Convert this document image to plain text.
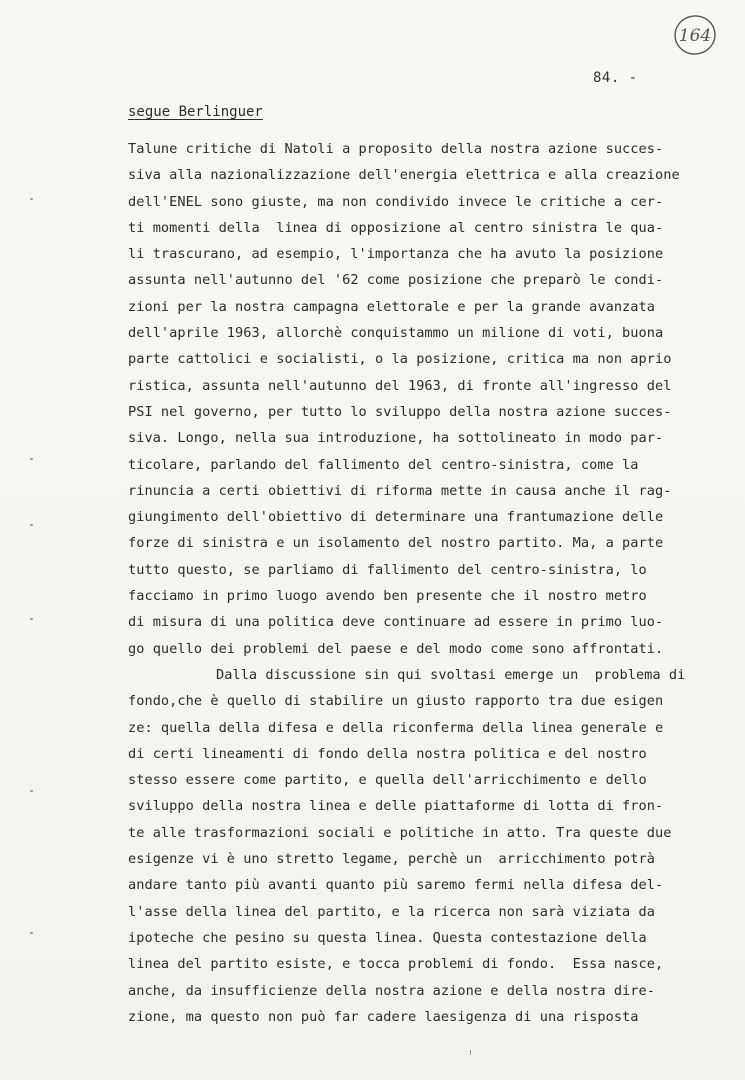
164
84. -
segue Berlinguer
Talune critiche di Natoli a proposito della nostra azione succes-
siva alla nazionalizzazione dell'energia elettrica e alla creazione
dell'ENEL sono giuste, ma non condivido invece le critiche a cer-
ti momenti della  linea di opposizione al centro sinistra le qua-
li trascurano, ad esempio, l'importanza che ha avuto la posizione
assunta nell'autunno del '62 come posizione che preparò le condi-
zioni per la nostra campagna elettorale e per la grande avanzata
dell'aprile 1963, allorchè conquistammo un milione di voti, buona
parte cattolici e socialisti, o la posizione, critica ma non aprio
ristica, assunta nell'autunno del 1963, di fronte all'ingresso del
PSI nel governo, per tutto lo sviluppo della nostra azione succes-
siva. Longo, nella sua introduzione, ha sottolineato in modo par-
ticolare, parlando del fallimento del centro-sinistra, come la
rinuncia a certi obiettivi di riforma mette in causa anche il rag-
giungimento dell'obiettivo di determinare una frantumazione delle
forze di sinistra e un isolamento del nostro partito. Ma, a parte
tutto questo, se parliamo di fallimento del centro-sinistra, lo
facciamo in primo luogo avendo ben presente che il nostro metro
di misura di una politica deve continuare ad essere in primo luo-
go quello dei problemi del paese e del modo come sono affrontati.
Dalla discussione sin qui svoltasi emerge un  problema di
fondo,che è quello di stabilire un giusto rapporto tra due esigen
ze: quella della difesa e della riconferma della linea generale e
di certi lineamenti di fondo della nostra politica e del nostro
stesso essere come partito, e quella dell'arricchimento e dello
sviluppo della nostra linea e delle piattaforme di lotta di fron-
te alle trasformazioni sociali e politiche in atto. Tra queste due
esigenze vi è uno stretto legame, perchè un  arricchimento potrà
andare tanto più avanti quanto più saremo fermi nella difesa del-
l'asse della linea del partito, e la ricerca non sarà viziata da
ipoteche che pesino su questa linea. Questa contestazione della
linea del partito esiste, e tocca problemi di fondo.  Essa nasce,
anche, da insufficienze della nostra azione e della nostra dire-
zione, ma questo non può far cadere laesigenza di una risposta
